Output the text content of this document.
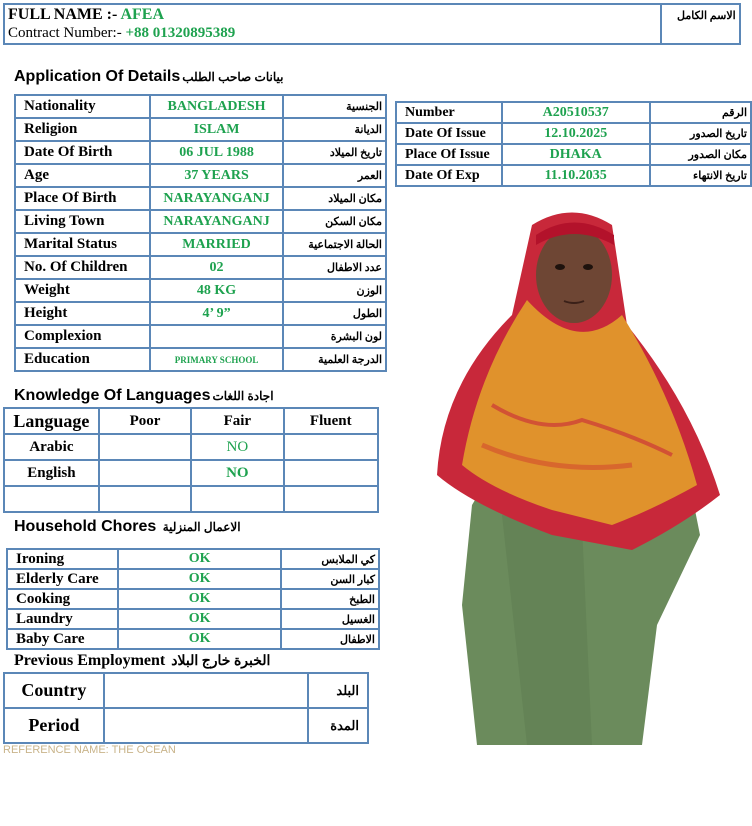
FULL NAME :- AFEA
Contract Number:- +88 01320895389
الاسم الكامل
Application Of Details بيانات صاحب الطلب
Nationality	BANGLADESH	الجنسية
Religion	ISLAM	الديانة
Date Of Birth	06 JUL 1988	تاريخ الميلاد
Age	37 YEARS	العمر
Place Of Birth	NARAYANGANJ	مكان الميلاد
Living Town	NARAYANGANJ	مكان السكن
Marital Status	MARRIED	الحالة الاجتماعية
No. Of Children	02	عدد الاطفال
Weight	48 KG	الوزن
Height	4’ 9”	الطول
Complexion		لون البشرة
Education	PRIMARY SCHOOL	الدرجة العلمية
Number	A20510537	الرقم
Date Of Issue	12.10.2025	تاريخ الصدور
Place Of Issue	DHAKA	مكان الصدور
Date Of Exp	11.10.2035	تاريخ الانتهاء
Knowledge Of Languages اجادة اللغات
Language	Poor	Fair	Fluent
Arabic		NO	
English		NO	

Household Chores الاعمال المنزلية
Ironing	OK	كي الملابس
Elderly Care	OK	كبار السن
Cooking	OK	الطبخ
Laundry	OK	الغسيل
Baby Care	OK	الاطفال
Previous Employment الخبرة خارج البلاد
Country		البلد
Period		المدة
REFERENCE NAME: THE OCEAN
